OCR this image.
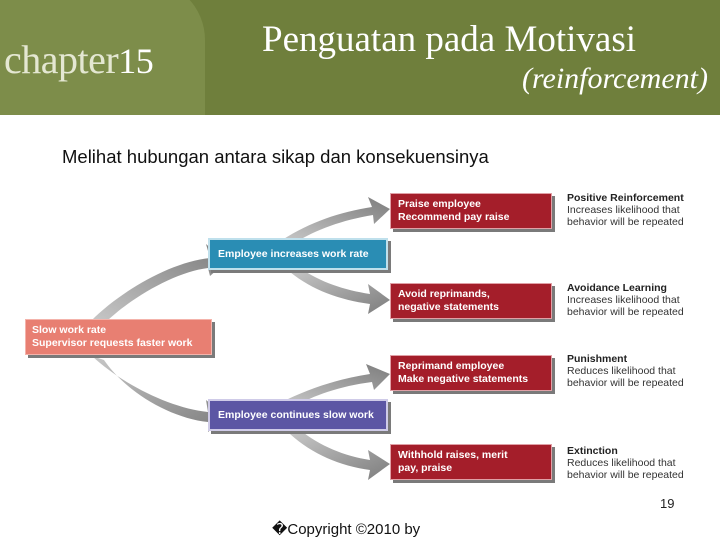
chapter15
Penguatan pada Motivasi
(reinforcement)
Melihat hubungan antara sikap dan konsekuensinya
Slow work rate
Supervisor requests faster work
Employee increases work rate
Employee continues slow work
Praise employee
Recommend pay raise
Avoid reprimands,
negative statements
Reprimand employee
Make negative statements
Withhold raises, merit
pay, praise
Positive Reinforcement
Increases likelihood that
behavior will be repeated
Avoidance Learning
Increases likelihood that
behavior will be repeated
Punishment
Reduces likelihood that
behavior will be repeated
Extinction
Reduces likelihood that
behavior will be repeated
19
�Copyright ©2010 by
